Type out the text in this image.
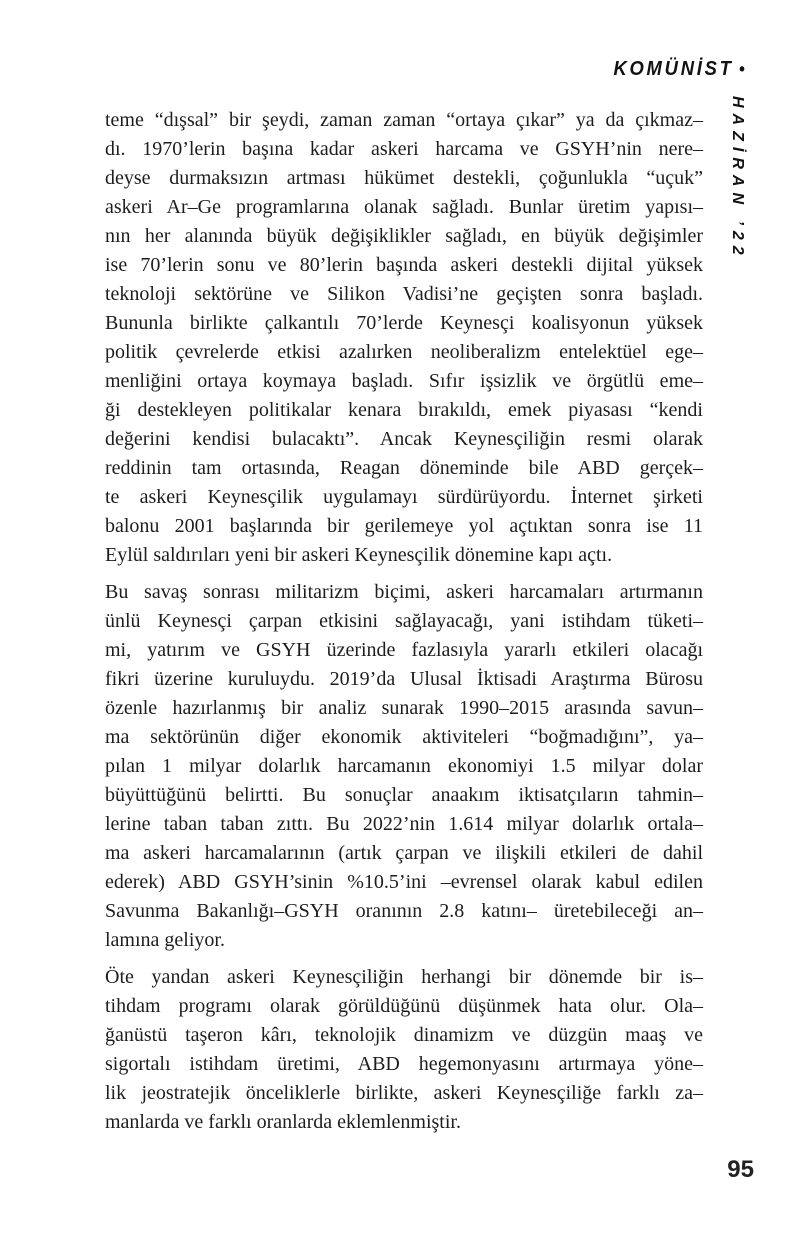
KOMÜNİST •
HAZİRAN ’22
teme “dışsal” bir şeydi, zaman zaman “ortaya çıkar” ya da çıkmaz–
dı. 1970’lerin başına kadar askeri harcama ve GSYH’nin nere–
deyse durmaksızın artması hükümet destekli, çoğunlukla “uçuk”
askeri Ar–Ge programlarına olanak sağladı. Bunlar üretim yapısı–
nın her alanında büyük değişiklikler sağladı, en büyük değişimler
ise 70’lerin sonu ve 80’lerin başında askeri destekli dijital yüksek
teknoloji sektörüne ve Silikon Vadisi’ne geçişten sonra başladı.
Bununla birlikte çalkantılı 70’lerde Keynesçi koalisyonun yüksek
politik çevrelerde etkisi azalırken neoliberalizm entelektüel ege–
menliğini ortaya koymaya başladı. Sıfır işsizlik ve örgütlü eme–
ği destekleyen politikalar kenara bırakıldı, emek piyasası “kendi
değerini kendisi bulacaktı”. Ancak Keynesçiliğin resmi olarak
reddinin tam ortasında, Reagan döneminde bile ABD gerçek–
te askeri Keynesçilik uygulamayı sürdürüyordu. İnternet şirketi
balonu 2001 başlarında bir gerilemeye yol açtıktan sonra ise 11
Eylül saldırıları yeni bir askeri Keynesçilik dönemine kapı açtı.
Bu savaş sonrası militarizm biçimi, askeri harcamaları artırmanın
ünlü Keynesçi çarpan etkisini sağlayacağı, yani istihdam tüketi–
mi, yatırım ve GSYH üzerinde fazlasıyla yararlı etkileri olacağı
fikri üzerine kuruluydu. 2019’da Ulusal İktisadi Araştırma Bürosu
özenle hazırlanmış bir analiz sunarak 1990–2015 arasında savun–
ma sektörünün diğer ekonomik aktiviteleri “boğmadığını”, ya–
pılan 1 milyar dolarlık harcamanın ekonomiyi 1.5 milyar dolar
büyüttüğünü belirtti. Bu sonuçlar anaakım iktisatçıların tahmin–
lerine taban taban zıttı. Bu 2022’nin 1.614 milyar dolarlık ortala–
ma askeri harcamalarının (artık çarpan ve ilişkili etkileri de dahil
ederek) ABD GSYH’sinin %10.5’ini –evrensel olarak kabul edilen
Savunma Bakanlığı–GSYH oranının 2.8 katını– üretebileceği an–
lamına geliyor.
Öte yandan askeri Keynesçiliğin herhangi bir dönemde bir is–
tihdam programı olarak görüldüğünü düşünmek hata olur. Ola–
ğanüstü taşeron kârı, teknolojik dinamizm ve düzgün maaş ve
sigortalı istihdam üretimi, ABD hegemonyasını artırmaya yöne–
lik jeostratejik önceliklerle birlikte, askeri Keynesçiliğe farklı za–
manlarda ve farklı oranlarda eklemlenmiştir.
95
